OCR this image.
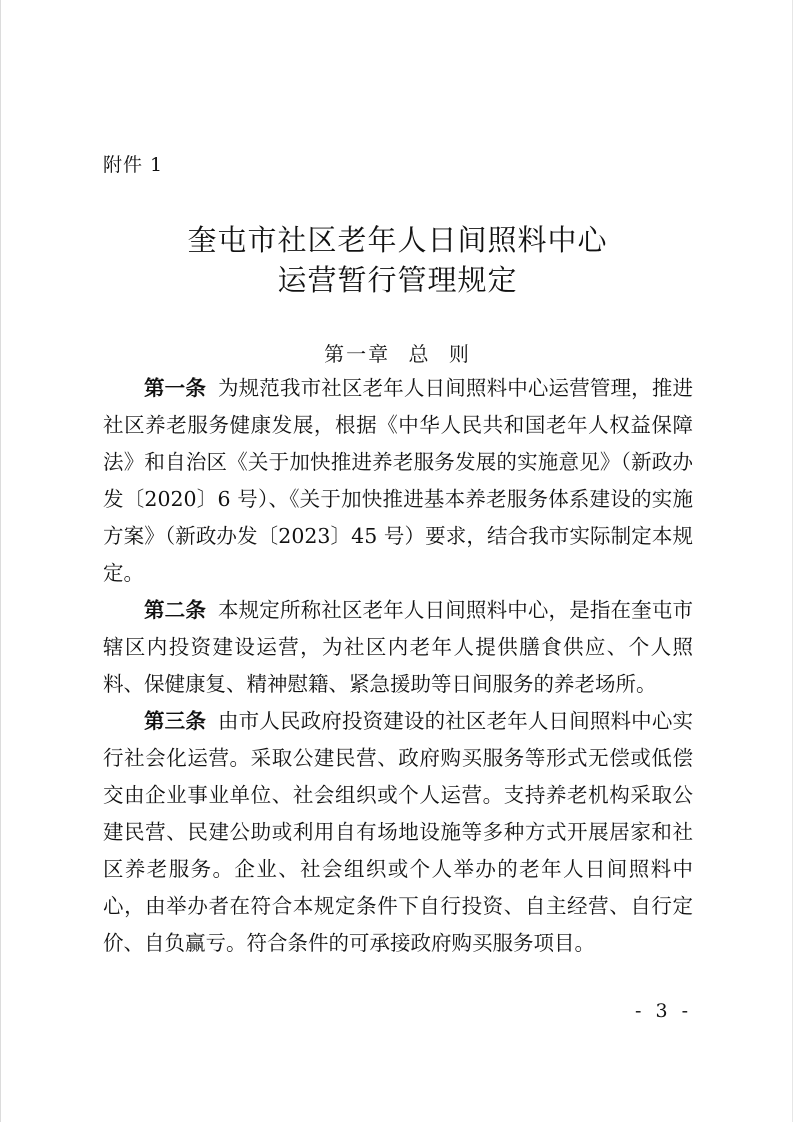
附件 1
奎屯市社区老年人日间照料中心
运营暂行管理规定
第一章 总 则

第一条 为规范我市社区老年人日间照料中心运营管理，推进社区养老服务健康发展，根据《中华人民共和国老年人权益保障法》和自治区《关于加快推进养老服务发展的实施意见》（新政办发〔2020〕6 号）、《关于加快推进基本养老服务体系建设的实施方案》（新政办发〔2023〕45 号）要求，结合我市实际制定本规定。

第二条 本规定所称社区老年人日间照料中心，是指在奎屯市辖区内投资建设运营，为社区内老年人提供膳食供应、个人照料、保健康复、精神慰籍、紧急援助等日间服务的养老场所。

第三条 由市人民政府投资建设的社区老年人日间照料中心实行社会化运营。采取公建民营、政府购买服务等形式无偿或低偿交由企业事业单位、社会组织或个人运营。支持养老机构采取公建民营、民建公助或利用自有场地设施等多种方式开展居家和社区养老服务。企业、社会组织或个人举办的老年人日间照料中心，由举办者在符合本规定条件下自行投资、自主经营、自行定价、自负赢亏。符合条件的可承接政府购买服务项目。

- 3 -
